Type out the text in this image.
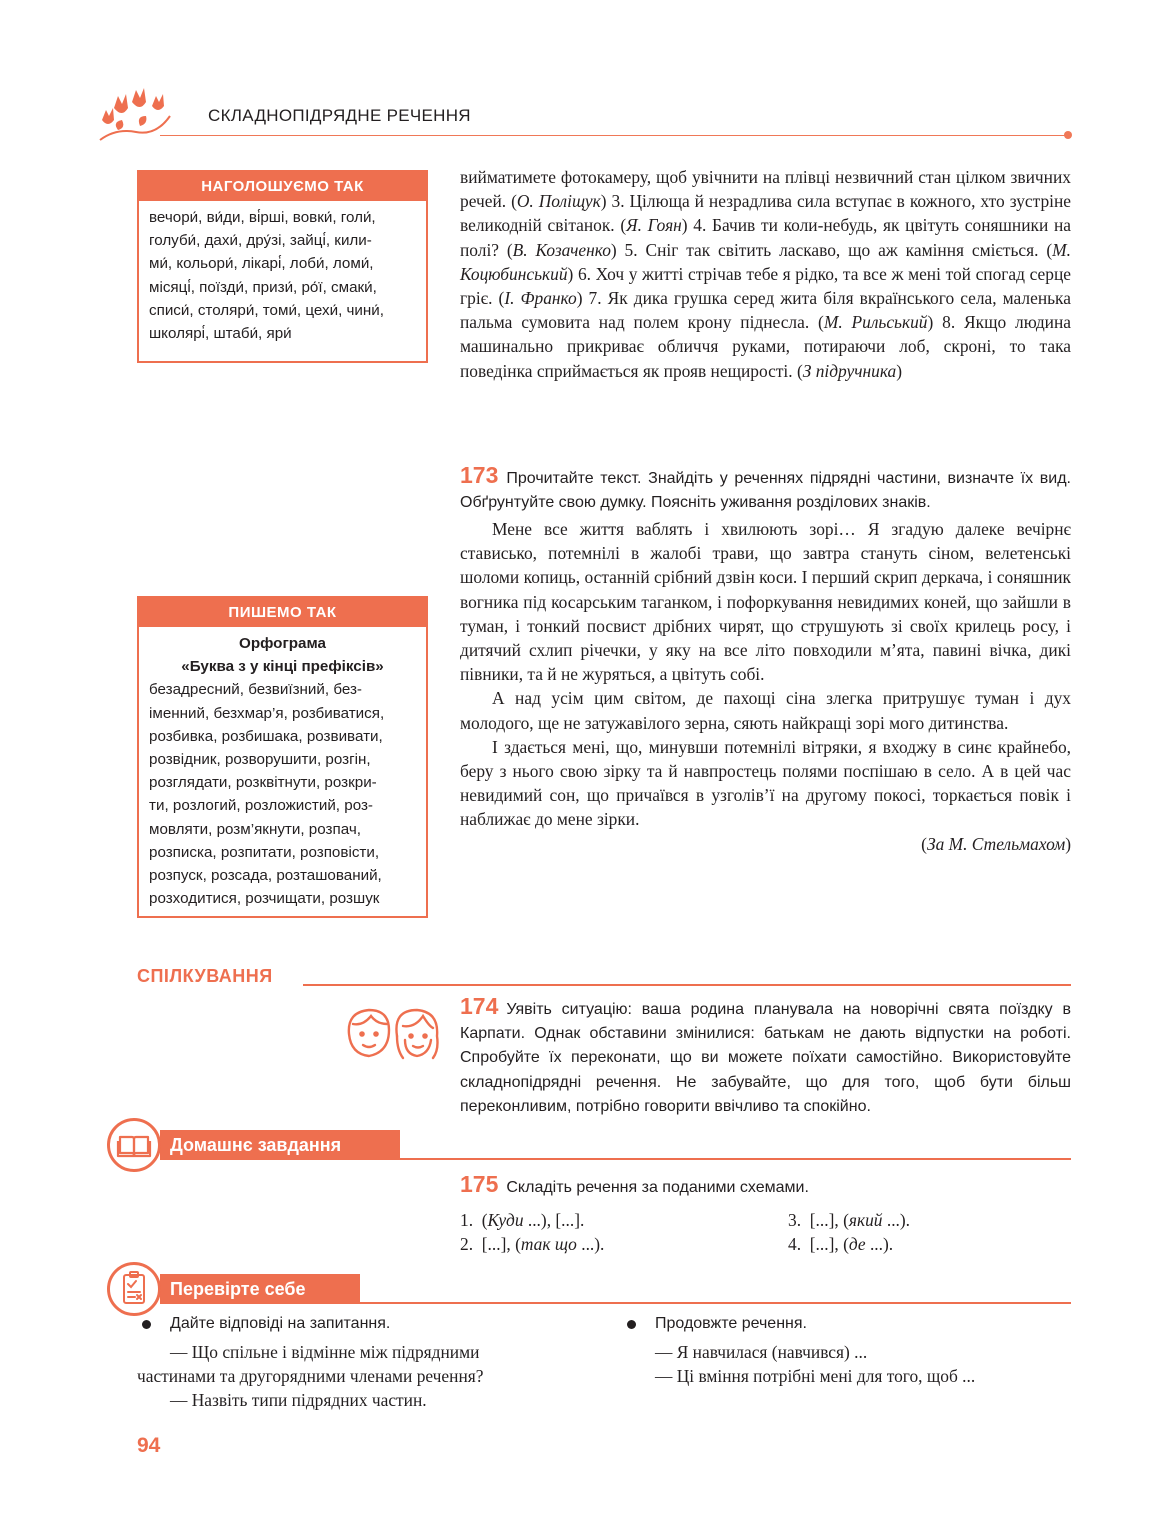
СКЛАДНОПІДРЯДНЕ РЕЧЕННЯ
НАГОЛОШУЄМО ТАК
вечори́, ви́ди, ві́рші, вовки́, голи́,
голуби́, дахи́, дру́зі, зайці́, кили-
ми́, кольори́, лікарі́, лоби́, ломи́,
місяці́, поїзди́, призи́, ро́ї, смаки́,
списи́, столяри́, томи́, цехи́, чини́,
школярі́, штаби́, яри́
ПИШЕМО ТАК
Орфограма
«Буква з у кінці префіксів»
безадресний, безвиїзний, без-
іменний, безхмар’я, розбиватися,
розбивка, розбишака, розвивати,
розвідник, розворушити, розгін,
розглядати, розквітнути, розкри-
ти, розлогий, розложистий, роз-
мовляти, розм’якнути, розпач,
розписка, розпитати, розповісти,
розпуск, розсада, розташований,
розходитися, розчищати, розшук

вийматимете фотокамеру, щоб увічнити на плівці незвичний стан цілком звичних речей. (О. Поліщук) 3. Цілюща й незрадлива сила вступає в кожного, хто зустріне великодній світанок. (Я. Гоян) 4. Бачив ти коли-небудь, як цвітуть соняшники на полі? (В. Козаченко) 5. Сніг так світить ласкаво, що аж каміння сміється. (М. Коцюбинський) 6. Хоч у житті стрічав тебе я рідко, та все ж мені той спогад серце гріє. (І. Франко) 7. Як дика грушка серед жита біля вкраїнського села, маленька пальма сумовита над полем крону піднесла. (М. Рильський) 8. Якщо людина машинально прикриває обличчя руками, потираючи лоб, скроні, то така поведінка сприймається як прояв нещирості. (З підручника)

173 Прочитайте текст. Знайдіть у реченнях підрядні частини, визначте їх вид. Обґрунтуйте свою думку. Поясніть уживання розділових знаків.

Мене все життя ваблять і хвилюють зорі… Я згадую далеке вечірнє стависько, потемнілі в жалобі трави, що завтра стануть сіном, велетенські шоломи копиць, останній срібний дзвін коси. І перший скрип деркача, і соняшник вогника під косарським таганком, і пофоркування невидимих коней, що зайшли в туман, і тонкий посвист дрібних чирят, що струшують зі своїх крилець росу, і дитячий схлип річечки, у яку на все літо повходили м’ята, павині вічка, дикі півники, та й не журяться, а цвітуть собі.

А над усім цим світом, де пахощі сіна злегка притрушує туман і дух молодого, ще не затужавілого зерна, сяють найкращі зорі мого дитинства.

І здається мені, що, минувши потемнілі вітряки, я входжу в синє крайнебо, беру з нього свою зірку та й навпростець полями поспішаю в село. А в цей час невидимий сон, що причаївся в узголів’ї на другому покосі, торкається повік і наближає до мене зірки.

(За М. Стельмахом)

СПІЛКУВАННЯ
174 Уявіть ситуацію: ваша родина планувала на новорічні свята поїздку в Карпати. Однак обставини змінилися: батькам не дають відпустки на роботі. Спробуйте їх переконати, що ви можете поїхати самостійно. Використовуйте складнопідрядні речення. Не забувайте, що для того, щоб бути більш переконливим, потрібно говорити ввічливо та спокійно.
Домашнє завдання
175 Складіть речення за поданими схемами.
1. (Куди ...), [...].
2. [...], (так що ...).
3. [...], (який ...).
4. [...], (де ...).
Перевірте себе
Дайте відповіді на запитання.
— Що спільне і відмінне між підрядними
частинами та другорядними членами речення?
— Назвіть типи підрядних частин.
Продовжте речення.
— Я навчилася (навчився) ...
— Ці вміння потрібні мені для того, щоб ...
94
